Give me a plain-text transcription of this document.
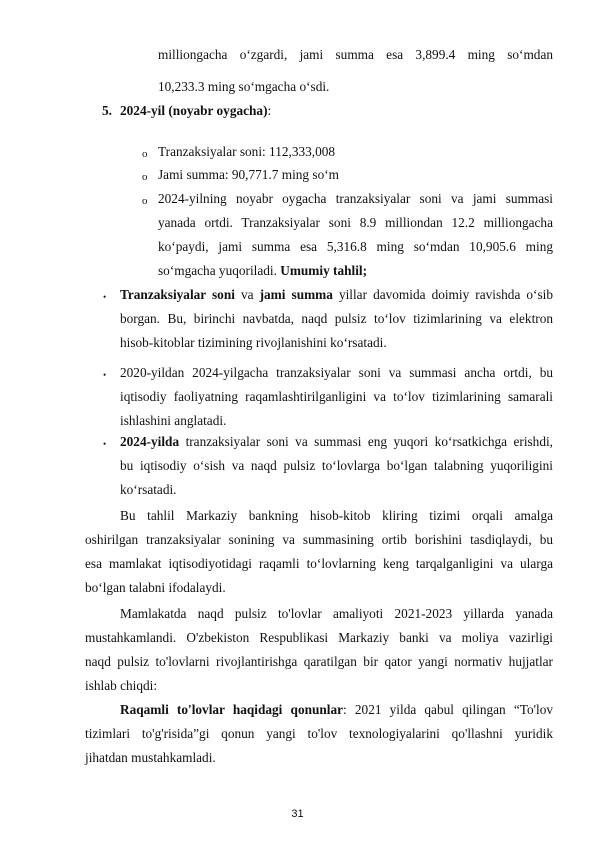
milliongacha o‘zgardi, jami summa esa 3,899.4 ming so‘mdan
10,233.3 ming so‘mgacha o‘sdi.
5. 2024-yil (noyabr oygacha):
o Tranzaksiyalar soni: 112,333,008
o Jami summa: 90,771.7 ming so‘m
o 2024-yilning noyabr oygacha tranzaksiyalar soni va jami summasi
yanada ortdi. Tranzaksiyalar soni 8.9 milliondan 12.2 milliongacha
ko‘paydi, jami summa esa 5,316.8 ming so‘mdan 10,905.6 ming
so‘mgacha yuqoriladi. Umumiy tahlil;
• Tranzaksiyalar soni va jami summa yillar davomida doimiy ravishda o‘sib
borgan. Bu, birinchi navbatda, naqd pulsiz to‘lov tizimlarining va elektron
hisob-kitoblar tizimining rivojlanishini ko‘rsatadi.
• 2020-yildan 2024-yilgacha tranzaksiyalar soni va summasi ancha ortdi, bu
iqtisodiy faoliyatning raqamlashtirilganligini va to‘lov tizimlarining samarali
ishlashini anglatadi.
• 2024-yilda tranzaksiyalar soni va summasi eng yuqori ko‘rsatkichga erishdi,
bu iqtisodiy o‘sish va naqd pulsiz to‘lovlarga bo‘lgan talabning yuqoriligini
ko‘rsatadi.
Bu tahlil Markaziy bankning hisob-kitob kliring tizimi orqali amalga
oshirilgan tranzaksiyalar sonining va summasining ortib borishini tasdiqlaydi, bu
esa mamlakat iqtisodiyotidagi raqamli to‘lovlarning keng tarqalganligini va ularga
bo‘lgan talabni ifodalaydi.
Mamlakatda naqd pulsiz to'lovlar amaliyoti 2021-2023 yillarda yanada
mustahkamlandi. O'zbekiston Respublikasi Markaziy banki va moliya vazirligi
naqd pulsiz to'lovlarni rivojlantirishga qaratilgan bir qator yangi normativ hujjatlar
ishlab chiqdi:
Raqamli to'lovlar haqidagi qonunlar: 2021 yilda qabul qilingan “To'lov
tizimlari to'g'risida”gi qonun yangi to'lov texnologiyalarini qo'llashni yuridik
jihatdan mustahkamladi.
31
